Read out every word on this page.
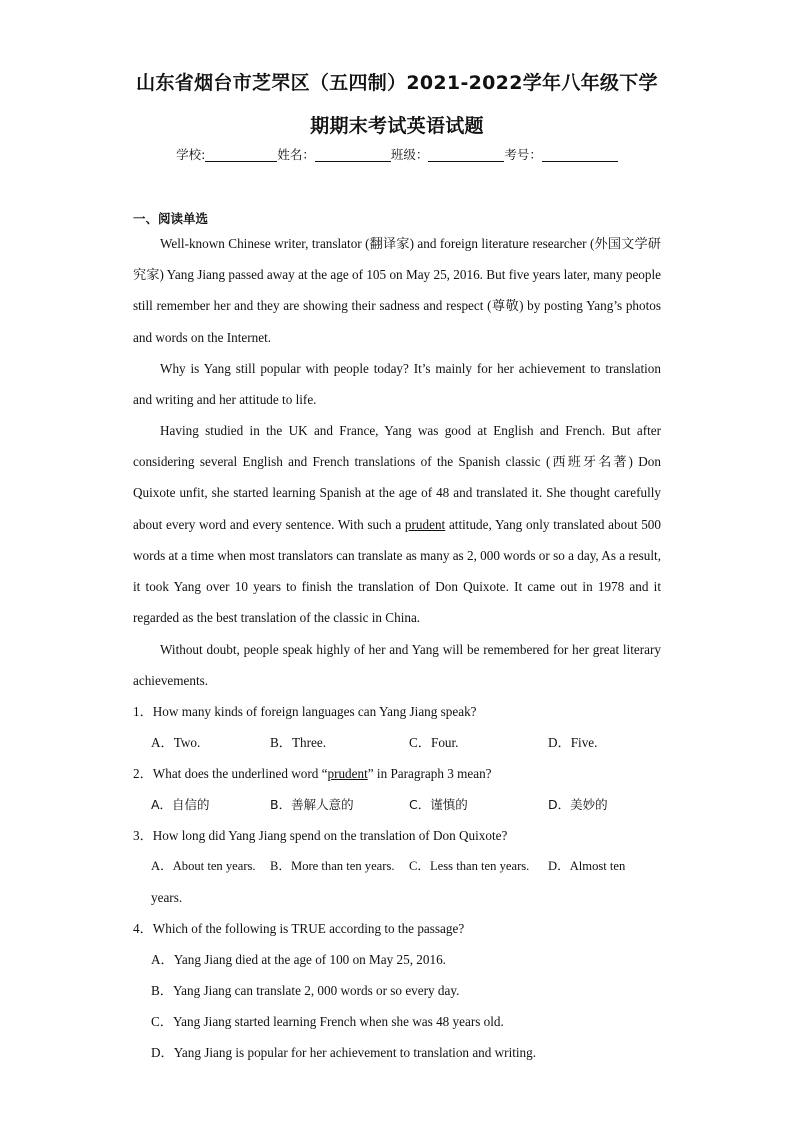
山东省烟台市芝罘区（五四制）2021-2022学年八年级下学
期期末考试英语试题
学校:	姓名：	班级：	考号：
一、阅读单选
Well-known Chinese writer, translator (翻译家) and foreign literature researcher (外国文学研究家) Yang Jiang passed away at the age of 105 on May 25, 2016. But five years later, many people still remember her and they are showing their sadness and respect (尊敬) by posting Yang’s photos and words on the Internet.
Why is Yang still popular with people today? It’s mainly for her achievement to translation and writing and her attitude to life.
Having studied in the UK and France, Yang was good at English and French. But after considering several English and French translations of the Spanish classic (西班牙名著) Don Quixote unfit, she started learning Spanish at the age of 48 and translated it. She thought carefully about every word and every sentence. With such a prudent attitude, Yang only translated about 500 words at a time when most translators can translate as many as 2, 000 words or so a day, As a result, it took Yang over 10 years to finish the translation of Don Quixote. It came out in 1978 and it regarded as the best translation of the classic in China.
Without doubt, people speak highly of her and Yang will be remembered for her great literary achievements.
1．How many kinds of foreign languages can Yang Jiang speak?
A．Two.	B．Three.	C．Four.	D．Five.
2．What does the underlined word “prudent” in Paragraph 3 mean?
A．自信的	B．善解人意的	C．谨慎的	D．美妙的
3．How long did Yang Jiang spend on the translation of Don Quixote?
A．About ten years. B．More than ten years. C．Less than ten years. D．Almost ten
years.
4．Which of the following is TRUE according to the passage?
A．Yang Jiang died at the age of 100 on May 25, 2016.
B．Yang Jiang can translate 2, 000 words or so every day.
C．Yang Jiang started learning French when she was 48 years old.
D．Yang Jiang is popular for her achievement to translation and writing.
